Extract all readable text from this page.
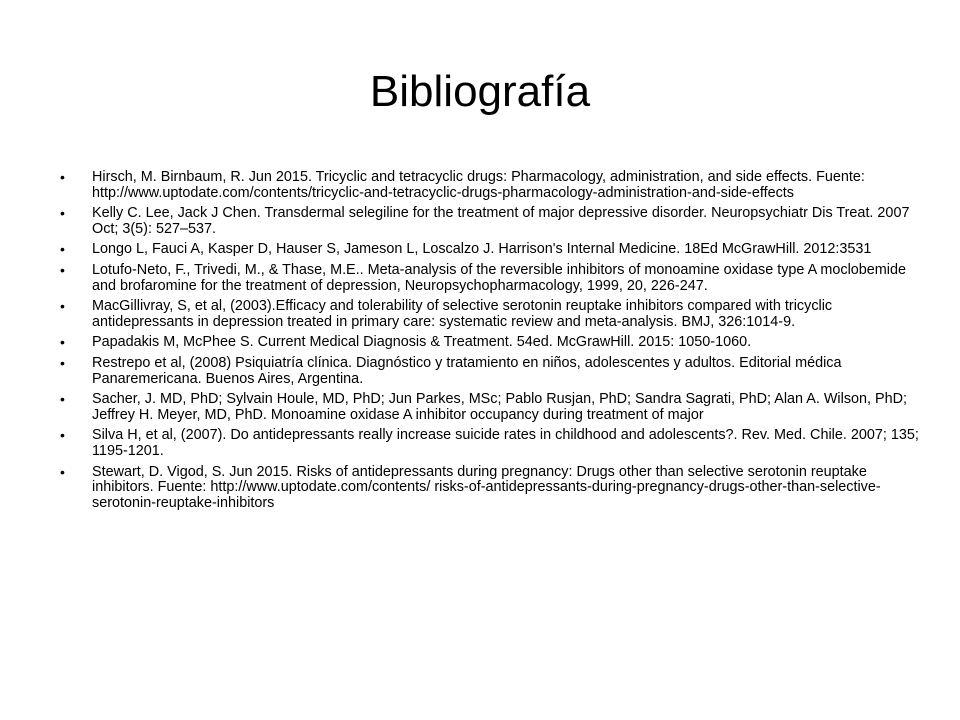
Bibliografía
•	Hirsch, M. Birnbaum, R. Jun 2015. Tricyclic and tetracyclic drugs: Pharmacology, administration, and side effects. Fuente: http://www.uptodate.com/contents/tricyclic-and-tetracyclic-drugs-pharmacology-administration-and-side-effects
•	Kelly C. Lee, Jack J Chen. Transdermal selegiline for the treatment of major depressive disorder. Neuropsychiatr Dis Treat. 2007 Oct; 3(5): 527–537.
•	Longo L, Fauci A, Kasper D, Hauser S, Jameson L, Loscalzo J. Harrison's Internal Medicine. 18Ed McGrawHill. 2012:3531
•	Lotufo-Neto, F., Trivedi, M., & Thase, M.E.. Meta-analysis of the reversible inhibitors of monoamine oxidase type A moclobemide and brofaromine for the treatment of depression, Neuropsychopharmacology, 1999, 20, 226-247.
•	MacGillivray, S, et al, (2003).Efficacy and tolerability of selective serotonin reuptake inhibitors compared with tricyclic antidepressants in depression treated in primary care: systematic review and meta-analysis. BMJ, 326:1014-9.
•	Papadakis M, McPhee S. Current Medical Diagnosis & Treatment. 54ed. McGrawHill. 2015: 1050-1060.
•	Restrepo et al, (2008) Psiquiatría clínica. Diagnóstico y tratamiento en niños, adolescentes y adultos. Editorial médica Panaremericana. Buenos Aires, Argentina.
•	Sacher, J. MD, PhD; Sylvain Houle, MD, PhD; Jun Parkes, MSc; Pablo Rusjan, PhD; Sandra Sagrati, PhD; Alan A. Wilson, PhD; Jeffrey H. Meyer, MD, PhD. Monoamine oxidase A inhibitor occupancy during treatment of major
•	Silva H, et al, (2007). Do antidepressants really increase suicide rates in childhood and adolescents?. Rev. Med. Chile. 2007; 135; 1195-1201.
•	Stewart, D. Vigod, S. Jun 2015. Risks of antidepressants during pregnancy: Drugs other than selective serotonin reuptake inhibitors. Fuente: http://www.uptodate.com/contents/ risks-of-antidepressants-during-pregnancy-drugs-other-than-selective-serotonin-reuptake-inhibitors
